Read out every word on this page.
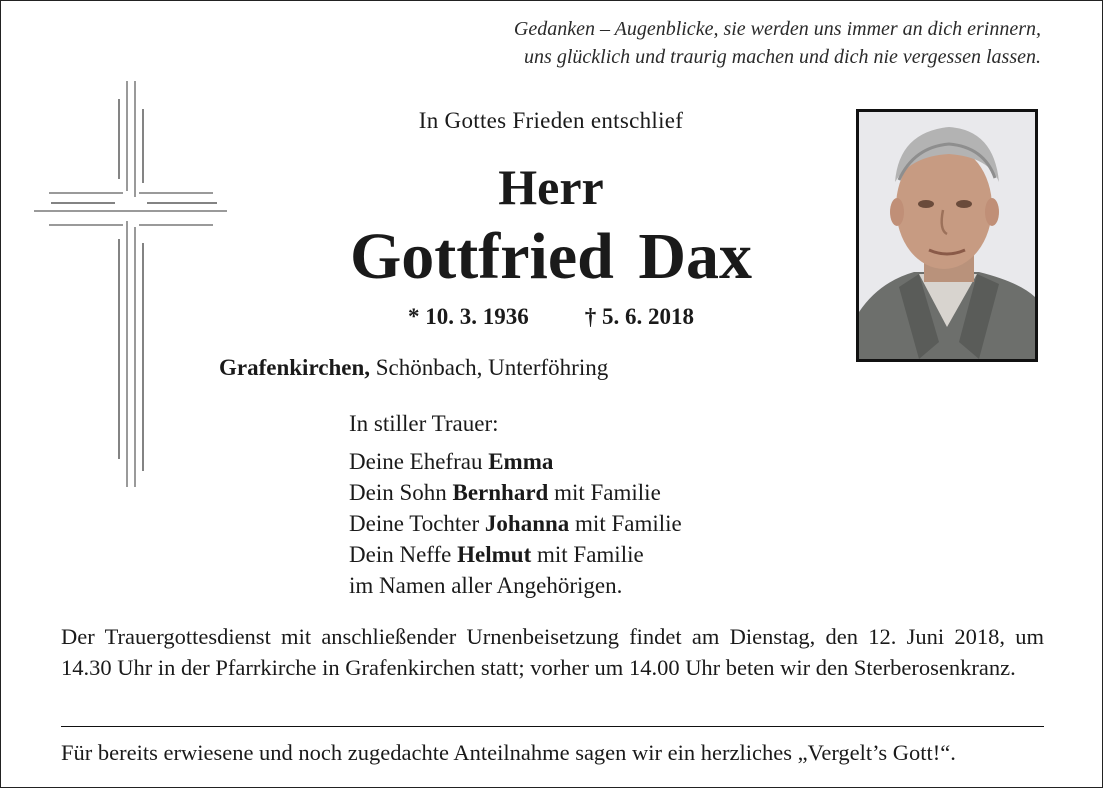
Gedanken – Augenblicke, sie werden uns immer an dich erinnern,
uns glücklich und traurig machen und dich nie vergessen lassen.
In Gottes Frieden entschlief
Herr
Gottfried Dax
* 10. 3. 1936 † 5. 6. 2018
Grafenkirchen, Schönbach, Unterföhring
In stiller Trauer:
Deine Ehefrau Emma
Dein Sohn Bernhard mit Familie
Deine Tochter Johanna mit Familie
Dein Neffe Helmut mit Familie
im Namen aller Angehörigen.
Der Trauergottesdienst mit anschließender Urnenbeisetzung findet am Dienstag, den 12. Juni 2018, um 14.30 Uhr in der Pfarrkirche in Grafenkirchen statt; vorher um 14.00 Uhr beten wir den Sterberosenkranz.
Für bereits erwiesene und noch zugedachte Anteilnahme sagen wir ein herzliches „Vergelt’s Gott!“.
